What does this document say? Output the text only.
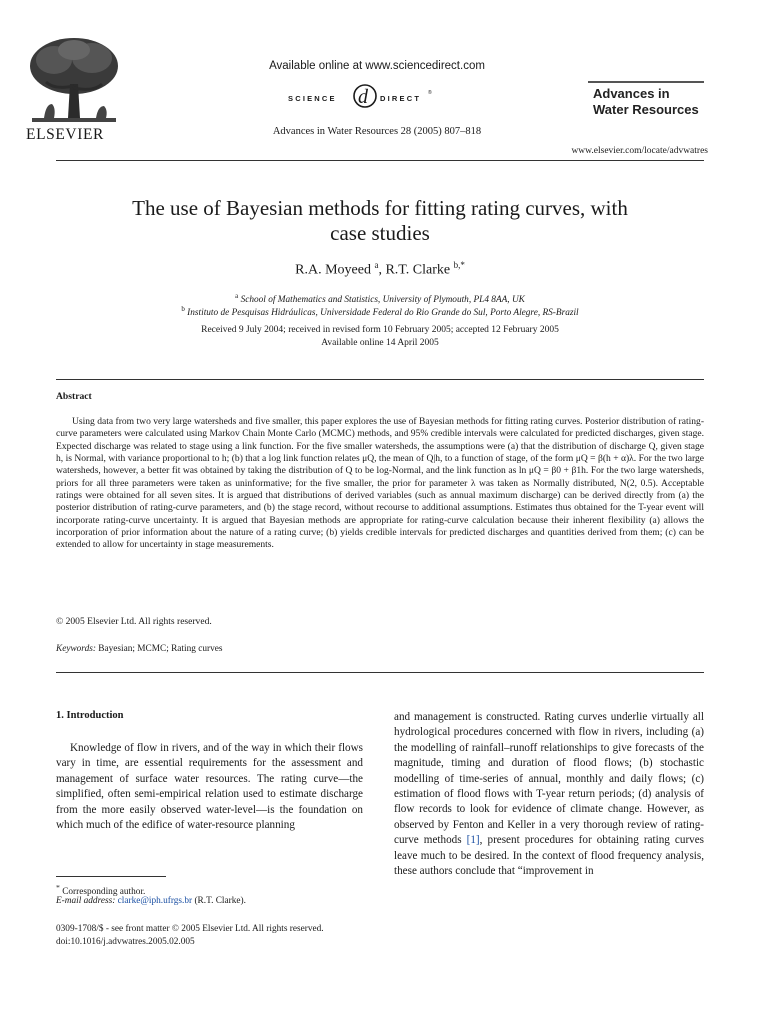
ELSEVIER
Available online at www.sciencedirect.com
SCIENCE d DIRECT
®
Advances in Water Resources 28 (2005) 807–818
Advances in
Water Resources
www.elsevier.com/locate/advwatres
The use of Bayesian methods for fitting rating curves, with
case studies
R.A. Moyeed $^a$, R.T. Clarke $^{b,*}$
$^a$ School of Mathematics and Statistics, University of Plymouth, PL4 8AA, UK
$^b$ Instituto de Pesquisas Hidráulicas, Universidade Federal do Rio Grande do Sul, Porto Alegre, RS-Brazil
Received 9 July 2004; received in revised form 10 February 2005; accepted 12 February 2005
Available online 14 April 2005
Abstract

Using data from two very large watersheds and five smaller, this paper explores the use of Bayesian methods for fitting rating curves. Posterior distribution of rating-curve parameters were calculated using Markov Chain Monte Carlo (MCMC) methods, and 95% credible intervals were calculated for predicted discharges, given stage. Expected discharge was related to stage using a link function. For the five smaller watersheds, the assumptions were (a) that the distribution of discharge Q, given stage h, is Normal, with variance proportional to h; (b) that a log link function relates μQ, the mean of Q|h, to a function of stage, of the form μQ = β(h + α)λ. For the two large watersheds, however, a better fit was obtained by taking the distribution of Q to be log-Normal, and the link function as ln μQ = β0 + β1h. For the two large watersheds, priors for all three parameters were taken as uninformative; for the five smaller, the prior for parameter λ was taken as Normally distributed, N(2, 0.5). Acceptable ratings were obtained for all seven sites. It is argued that distributions of derived variables (such as annual maximum discharge) can be derived directly from (a) the posterior distribution of rating-curve parameters, and (b) the stage record, without recourse to additional assumptions. Estimates thus obtained for the T-year event will incorporate rating-curve uncertainty. It is argued that Bayesian methods are appropriate for rating-curve calculation because their inherent flexibility (a) allows the incorporation of prior information about the nature of a rating curve; (b) yields credible intervals for predicted discharges and quantities derived from them; (c) can be extended to allow for uncertainty in stage measurements.

© 2005 Elsevier Ltd. All rights reserved.
Keywords: Bayesian; MCMC; Rating curves
1. Introduction

Knowledge of flow in rivers, and of the way in which their flows vary in time, are essential requirements for the assessment and management of surface water resources. The rating curve—the simplified, often semi-empirical relation used to estimate discharge from the more easily observed water-level—is the foundation on which much of the edifice of water-resource planning

and management is constructed. Rating curves underlie virtually all hydrological procedures concerned with flow in rivers, including (a) the modelling of rainfall–runoff relationships to give forecasts of the magnitude, timing and duration of flood flows; (b) stochastic modelling of time-series of annual, monthly and daily flows; (c) estimation of flood flows with T-year return periods; (d) analysis of flow records to look for evidence of climate change. However, as observed by Fenton and Keller in a very thorough review of rating-curve methods [1], present procedures for obtaining rating curves leave much to be desired. In the context of flood frequency analysis, these authors conclude that “improvement in

* Corresponding author.
E-mail address: clarke@iph.ufrgs.br (R.T. Clarke).
0309-1708/$ - see front matter © 2005 Elsevier Ltd. All rights reserved.
doi:10.1016/j.advwatres.2005.02.005
